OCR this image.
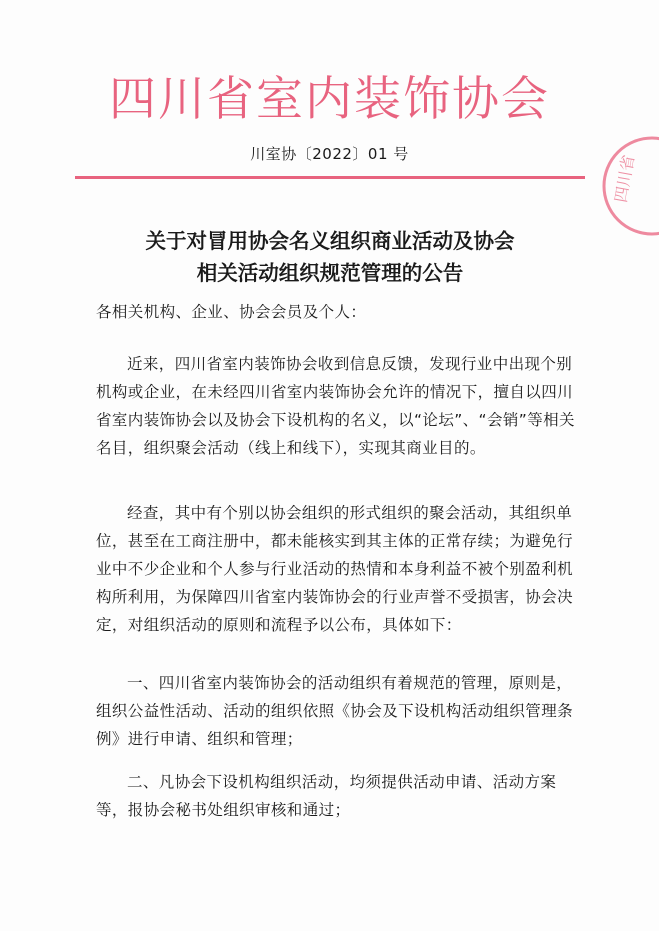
四川省室内装饰协会
川室协〔2022〕01 号	四川省
关于对冒用协会名义组织商业活动及协会
相关活动组织规范管理的公告

各相关机构、企业、协会会员及个人：

近来，四川省室内装饰协会收到信息反馈，发现行业中出现个别机构或企业，在未经四川省室内装饰协会允许的情况下，擅自以四川省室内装饰协会以及协会下设机构的名义，以“论坛”、“会销”等相关名目，组织聚会活动（线上和线下），实现其商业目的。

经查，其中有个别以协会组织的形式组织的聚会活动，其组织单位，甚至在工商注册中，都未能核实到其主体的正常存续；为避免行业中不少企业和个人参与行业活动的热情和本身利益不被个别盈利机构所利用，为保障四川省室内装饰协会的行业声誉不受损害，协会决定，对组织活动的原则和流程予以公布，具体如下：

一、四川省室内装饰协会的活动组织有着规范的管理，原则是，组织公益性活动、活动的组织依照《协会及下设机构活动组织管理条例》进行申请、组织和管理；

二、凡协会下设机构组织活动，均须提供活动申请、活动方案等，报协会秘书处组织审核和通过；
